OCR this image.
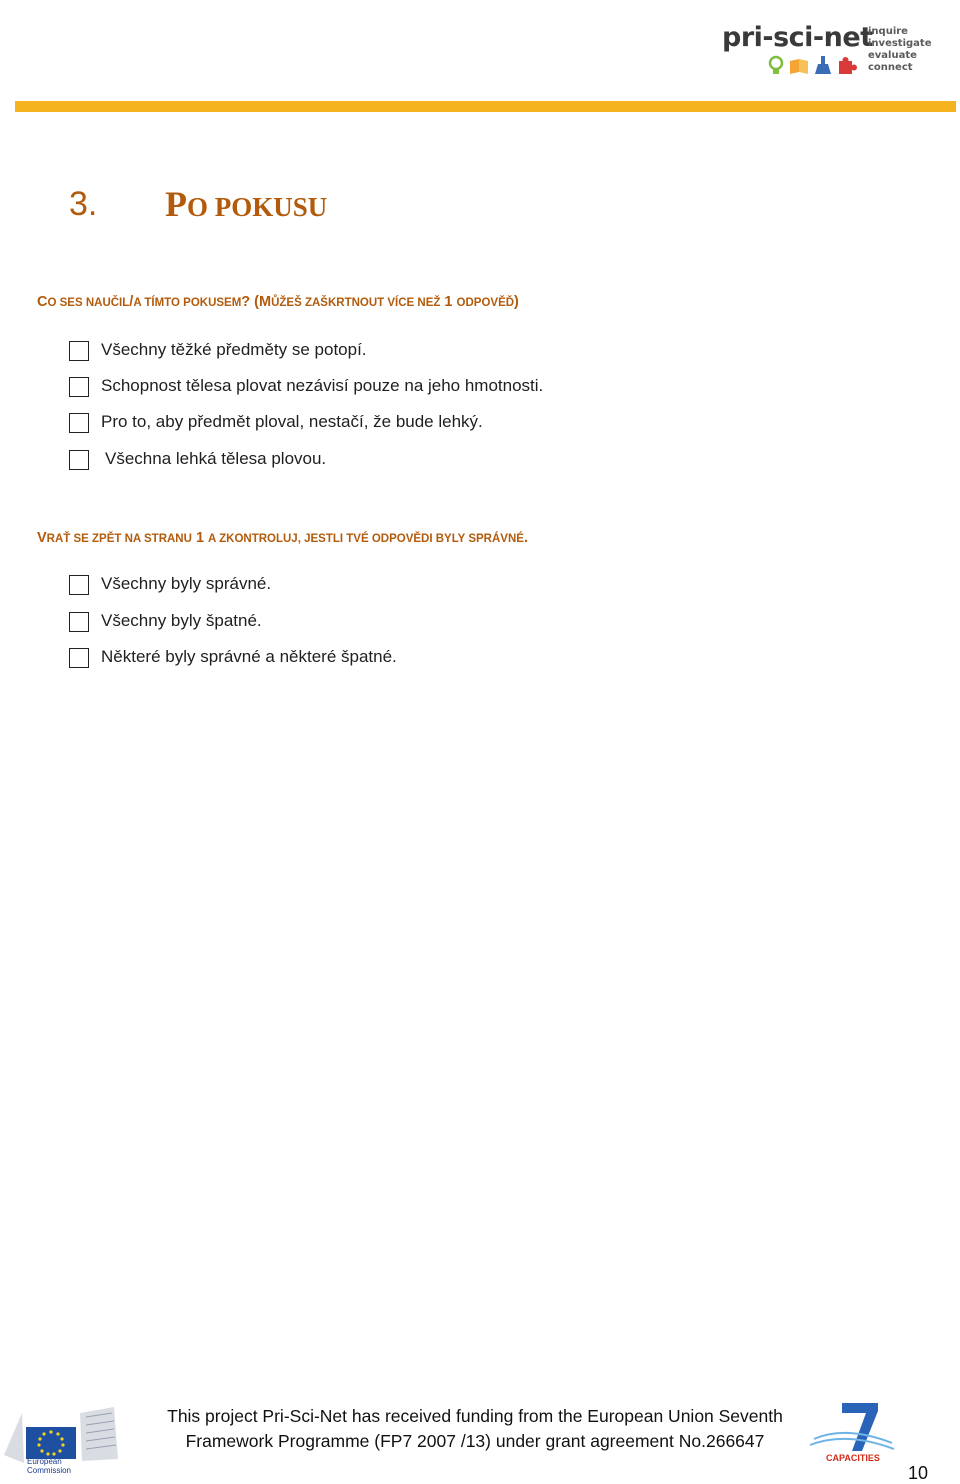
pri-sci-net
inquire
investigate
evaluate
connect
3. PO POKUSU
CO SES NAUČIL/A TÍMTO POKUSEM? (MŮŽEŠ ZAŠKRTNOUT VÍCE NEŽ 1 ODPOVĚĎ)
Všechny těžké předměty se potopí.
Schopnost tělesa plovat nezávisí pouze na jeho hmotnosti.
Pro to, aby předmět ploval, nestačí, že bude lehký.
Všechna lehká tělesa plovou.
VRAŤ SE ZPĚT NA STRANU 1 A ZKONTROLUJ, JESTLI TVÉ ODPOVĚDI BYLY SPRÁVNÉ.
Všechny byly správné.
Všechny byly špatné.
Některé byly správné a některé špatné.
European
Commission
This project Pri-Sci-Net has received funding from the European Union Seventh
Framework Programme (FP7 2007 /13) under grant agreement No.266647
CAPACITIES
10
